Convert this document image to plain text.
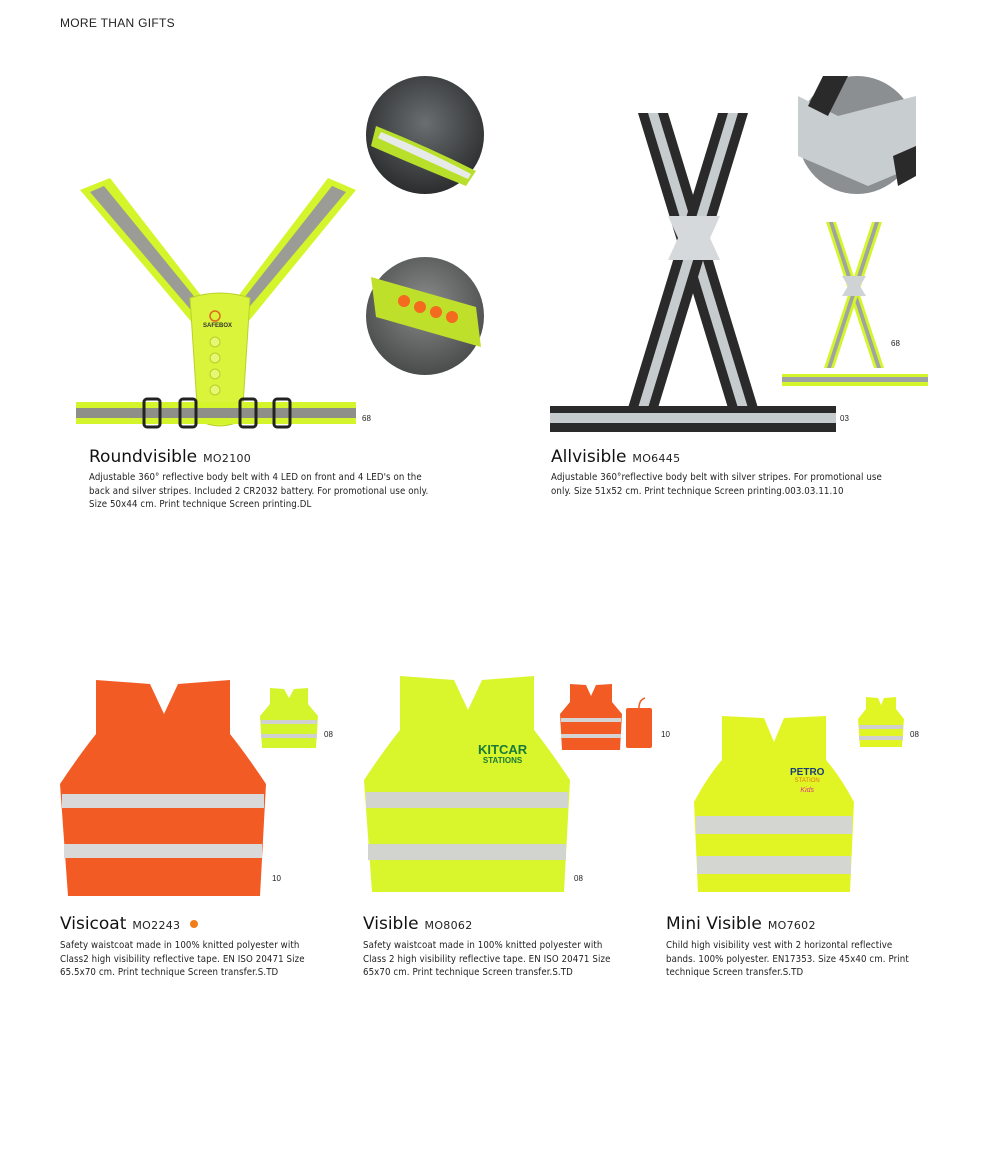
MORE THAN GIFTS
SAFEBOX
68
Roundvisible MO2100
Adjustable 360° reflective body belt with 4 LED on front and 4 LED's on the back and silver stripes. Included 2 CR2032 battery. For promotional use only. Size 50x44 cm. Print technique Screen printing.DL
03
68
Allvisible MO6445
Adjustable 360°reflective body belt with silver stripes. For promotional use only. Size 51x52 cm. Print technique Screen printing.003.03.11.10
10
08
Visicoat MO2243
Safety waistcoat made in 100% knitted polyester with Class2 high visibility reflective tape. EN ISO 20471 Size 65.5x70 cm. Print technique Screen transfer.S.TD
KITCAR
STATIONS
08
10
Visible MO8062
Safety waistcoat made in 100% knitted polyester with Class 2 high visibility reflective tape. EN ISO 20471 Size 65x70 cm. Print technique Screen transfer.S.TD
PETRO
STATION
Kids
08
Mini Visible MO7602
Child high visibility vest with 2 horizontal reflective bands. 100% polyester. EN17353. Size 45x40 cm. Print technique Screen transfer.S.TD
